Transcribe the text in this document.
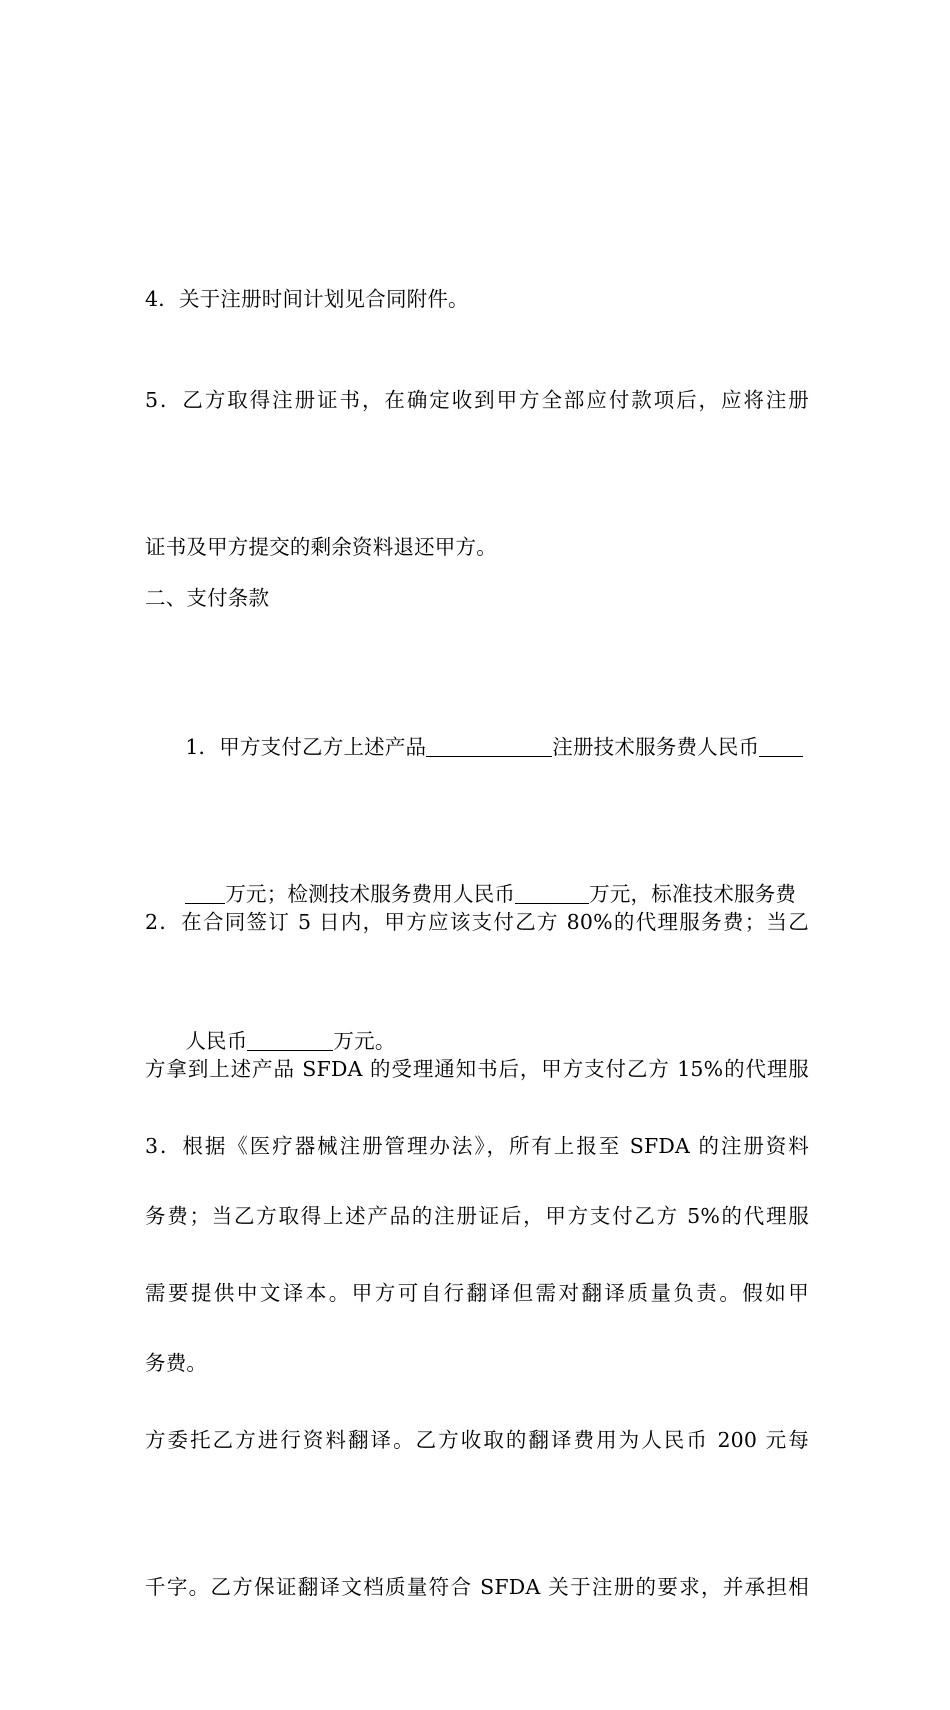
4．关于注册时间计划见合同附件。

5．乙方取得注册证书，在确定收到甲方全部应付款项后，应将注册

证书及甲方提交的剩余资料退还甲方。

二、支付条款

1．甲方支付乙方上述产品	注册技术服务费人民币

万元；检测技术服务费用人民币	万元，标准技术服务费

人民币	万元。

2．在合同签订 5 日内，甲方应该支付乙方 80%的代理服务费；当乙

方拿到上述产品 SFDA 的受理通知书后，甲方支付乙方 15%的代理服

务费；当乙方取得上述产品的注册证后，甲方支付乙方 5%的代理服

务费。

3．根据《医疗器械注册管理办法》，所有上报至 SFDA 的注册资料

需要提供中文译本。甲方可自行翻译但需对翻译质量负责。假如甲

方委托乙方进行资料翻译。乙方收取的翻译费用为人民币 200 元每

千字。乙方保证翻译文档质量符合 SFDA 关于注册的要求，并承担相
